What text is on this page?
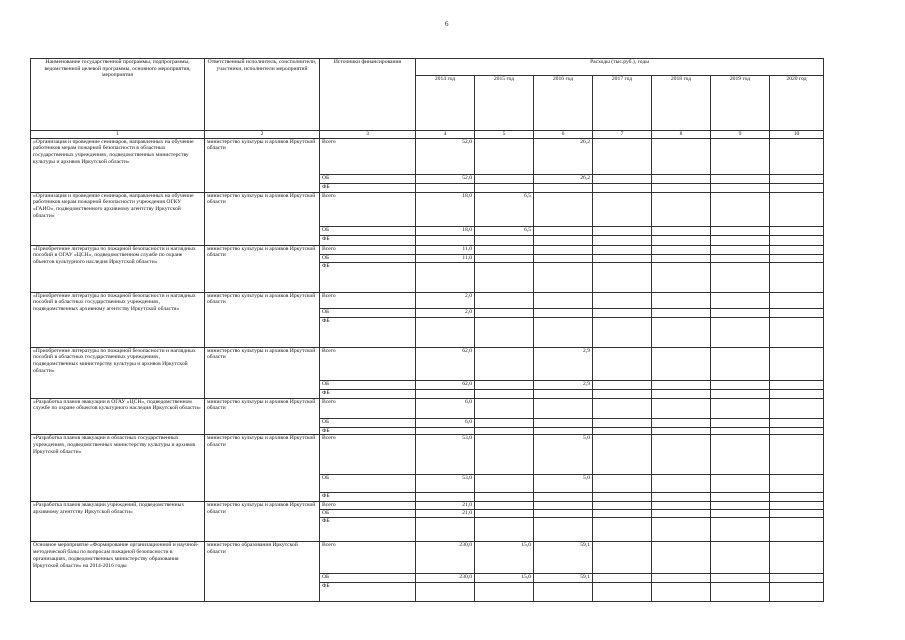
6
Наименование государственной программы, подпрограммы, ведомственной целевой программы, основного мероприятия, мероприятия	Ответственный исполнитель, соисполнители, участники, исполнители мероприятий	Источники финансирования	Расходы (тыс.руб.), годы						
			2014 год	2015 год	2016 год	2017 год	2018 год	2019 год	2020 год
1	2	3	4	5	6	7	8	9	10
«Организация и проведение семинаров, направленных на обучение работников мерам пожарной безопасности в областных государственных учреждениях, подведомственных министерству культуры и архивов Иркутской области»	министерство культуры и архивов Иркутской области	Всего	52,0		26,2				
		ОБ	52,0		26,2				
		ФБ							
«Организация и проведение семинаров, направленных на обучение работников мерам пожарной безопасности учреждения ОГКУ «ГАИО», подведомственного архивному агентству Иркутской области»	министерство культуры и архивов Иркутской области	Всего	18,0	6,5					
		ОБ	18,0	6,5					
		ФБ							
«Приобретение литературы по пожарной безопасности и наглядных пособий в ОГАУ «ЦСН», подведомственном службе по охране объектов культурного наследия Иркутской области»	министерство культуры и архивов Иркутской области	Всего	11,0						
		ОБ	11,0						
		ФБ							
«Приобретение литературы по пожарной безопасности и наглядных пособий в областных государственных учреждениях, подведомственных архивному агентству Иркутской области»	министерство культуры и архивов Иркутской области	Всего	2,0						
		ОБ	2,0						
		ФБ							
«Приобретение литературы по пожарной безопасности и наглядных пособий в областных государственных учреждениях, подведомственных министерству культуры и архивов Иркутской области»	министерство культуры и архивов Иркутской области	Всего	62,0		2,9				
		ОБ	62,0		2,9				
		ФБ							
«Разработка планов эвакуации в ОГАУ «ЦСН», подведомственном службе по охране объектов культурного наследия Иркутской области»	министерство культуры и архивов Иркутской области	Всего	6,0						
		ОБ	6,0						
		ФБ							
«Разработка планов эвакуации в областных государственных учреждениях, подведомственных министерству культуры и архивов Иркутской области»	министерство культуры и архивов Иркутской области	Всего	53,0		5,0				
		ОБ	53,0		5,0				
		ФБ							
«Разработка планов эвакуации учреждений, подведомственных архивному агентству Иркутской области»	министерство культуры и архивов Иркутской области	Всего	21,0						
		ОБ	21,0						
		ФБ							
Основное мероприятие «Формирование организационной и научной-методической базы по вопросам пожарной безопасности в организациях, подведомственных министерству образования Иркутской области» на 2014-2016 годы	министерство образования Иркутской области	Всего	230,0	15,0	59,1				
		ОБ	230,0	15,0	59,1				
		ФБ							
